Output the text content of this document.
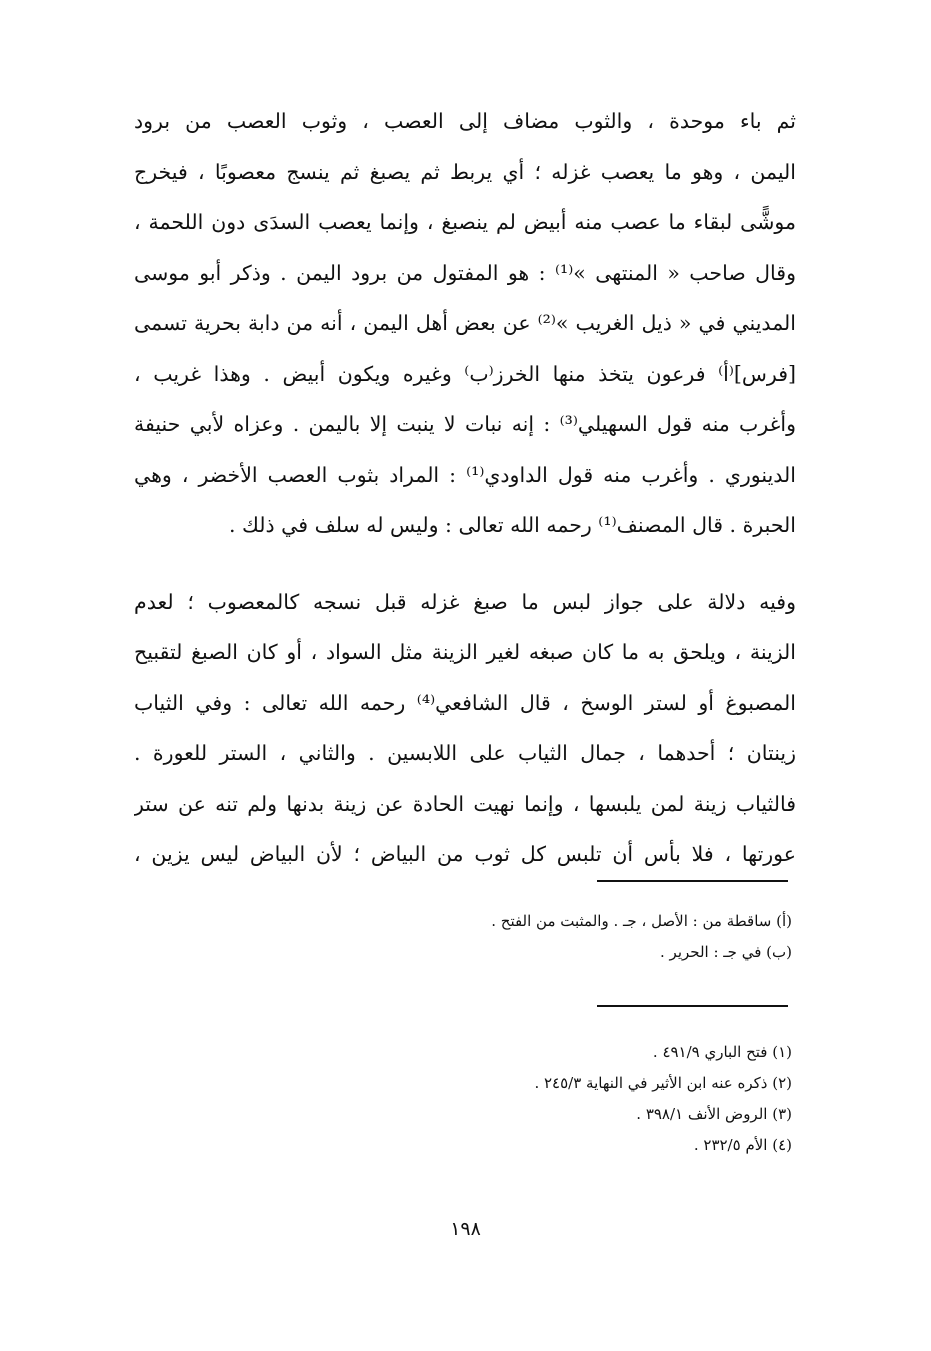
ثم باء موحدة ، والثوب مضاف إلى العصب ، وثوب العصب من برود
اليمن ، وهو ما يعصب غزله ؛ أي يربط ثم يصبغ ثم ينسج معصوبًا ، فيخرج
موشًّى لبقاء ما عصب منه أبيض لم ينصبغ ، وإنما يعصب السدَى دون اللحمة ،
وقال صاحب « المنتهى »⁽¹⁾ : هو المفتول من برود اليمن . وذكر أبو موسى
المديني في « ذيل الغريب »⁽²⁾ عن بعض أهل اليمن ، أنه من دابة بحرية تسمى
[فرس]⁽أ⁾ فرعون يتخذ منها الخرز⁽ب⁾ وغيره ويكون أبيض . وهذا غريب ،
وأغرب منه قول السهيلي⁽³⁾ : إنه نبات لا ينبت إلا باليمن . وعزاه لأبي حنيفة
الدينوري . وأغرب منه قول الداودي⁽¹⁾ : المراد بثوب العصب الأخضر ، وهي
الحبرة . قال المصنف⁽¹⁾ رحمه الله تعالى : وليس له سلف في ذلك .
وفيه دلالة على جواز لبس ما صبغ غزله قبل نسجه كالمعصوب ؛ لعدم
الزينة ، ويلحق به ما كان صبغه لغير الزينة مثل السواد ، أو كان الصبغ لتقبيح
المصبوغ أو لستر الوسخ ، قال الشافعي⁽⁴⁾ رحمه الله تعالى : وفي الثياب
زينتان ؛ أحدهما ، جمال الثياب على اللابسين . والثاني ، الستر للعورة .
فالثياب زينة لمن يلبسها ، وإنما نهيت الحادة عن زينة بدنها ولم تنه عن ستر
عورتها ، فلا بأس أن تلبس كل ثوب من البياض ؛ لأن البياض ليس يزين ،
(أ) ساقطة من : الأصل ، جـ . والمثبت من الفتح .
(ب) في جـ : الحرير .
(١) فتح الباري ٤٩١/٩ .
(٢) ذكره عنه ابن الأثير في النهاية ٢٤٥/٣ .
(٣) الروض الأنف ٣٩٨/١ .
(٤) الأم ٢٣٢/٥ .
١٩٨
